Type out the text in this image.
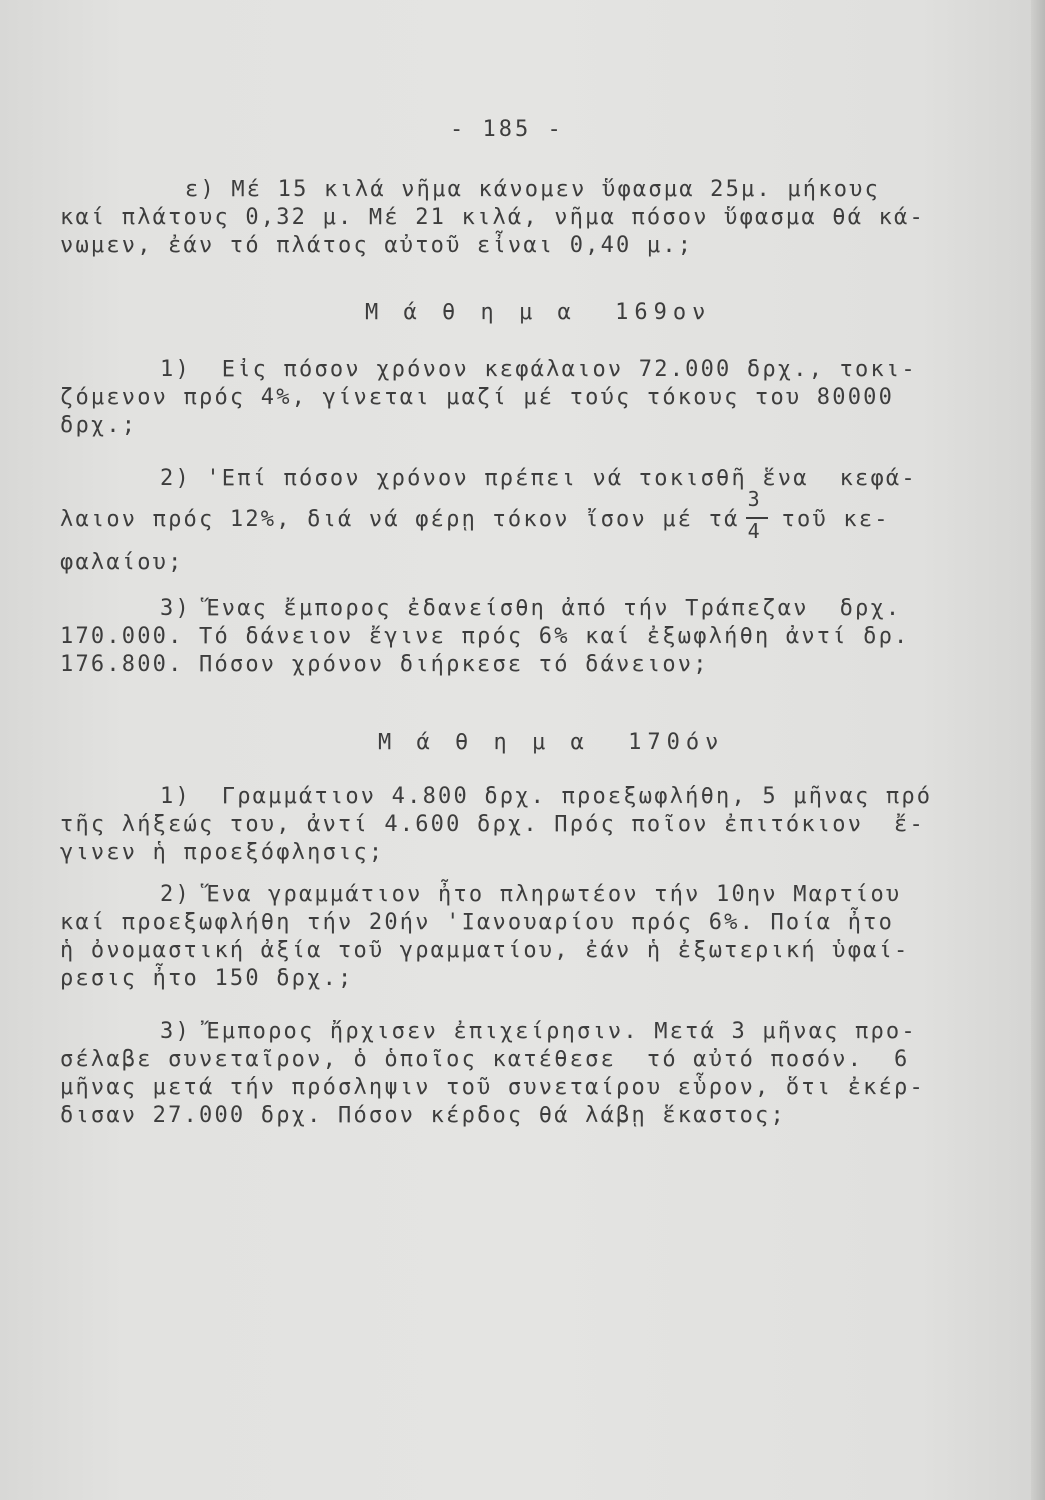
- 185 -
ε) Μέ 15 κιλά νῆμα κάνομεν ὕφασμα 25μ. μήκους
καί πλάτους 0,32 μ. Μέ 21 κιλά, νῆμα πόσον ὕφασμα θά κά-
νωμεν, ἐάν τό πλάτος αὐτοῦ εἶναι 0,40 μ.;
Μ ά θ η μ α  169ον
1)  Εἰς πόσον χρόνον κεφάλαιον 72.000 δρχ., τοκι-
ζόμενον πρός 4%, γίνεται μαζί μέ τούς τόκους του 80000
δρχ.;
2) 'Επί πόσον χρόνον πρέπει νά τοκισθῆ ἕνα  κεφά-
λαιον πρός 12%, διά νά φέρῃ τόκον ἴσον μέ τά $\frac{3}{4}$ τοῦ κε-
φαλαίου;
3) Ἕνας ἔμπορος ἐδανείσθη ἀπό τήν Τράπεζαν  δρχ.
170.000. Τό δάνειον ἔγινε πρός 6% καί ἐξωφλήθη ἀντί δρ.
176.800. Πόσον χρόνον διήρκεσε τό δάνειον;
Μ ά θ η μ α  170όν
1)  Γραμμάτιον 4.800 δρχ. προεξωφλήθη, 5 μῆνας πρό
τῆς λήξεώς του, ἀντί 4.600 δρχ. Πρός ποῖον ἐπιτόκιον  ἔ-
γινεν ἡ προεξόφλησις;
2) Ἕνα γραμμάτιον ἦτο πληρωτέον τήν 10ην Μαρτίου
καί προεξωφλήθη τήν 20ήν 'Ιανουαρίου πρός 6%. Ποία ἦτο
ἡ ὀνομαστική ἀξία τοῦ γραμματίου, ἐάν ἡ ἐξωτερική ὑφαί-
ρεσις ἦτο 150 δρχ.;
3) Ἔμπορος ἤρχισεν ἐπιχείρησιν. Μετά 3 μῆνας προ-
σέλαβε συνεταῖρον, ὁ ὁποῖος κατέθεσε  τό αὐτό ποσόν.  6
μῆνας μετά τήν πρόσληψιν τοῦ συνεταίρου εὗρον, ὅτι ἐκέρ-
δισαν 27.000 δρχ. Πόσον κέρδος θά λάβῃ ἕκαστος;
